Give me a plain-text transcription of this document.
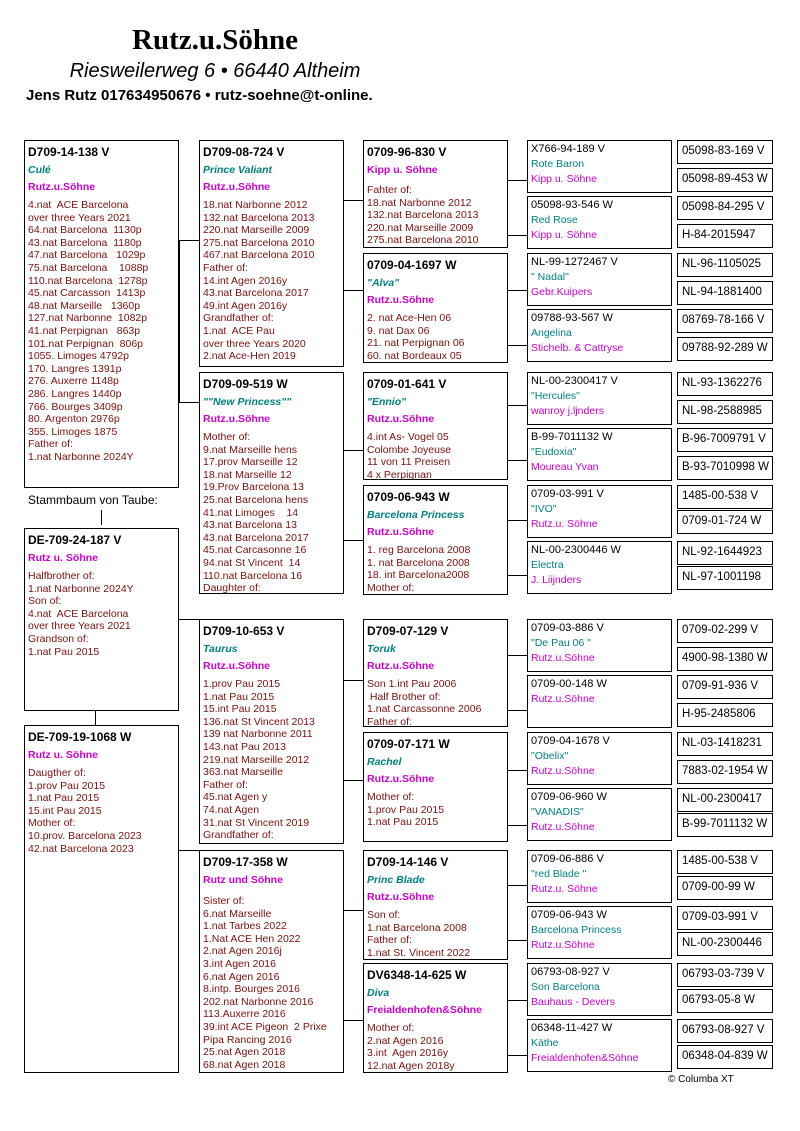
Rutz.u.Söhne
Riesweilerweg 6 • 66440 Altheim
Jens Rutz 017634950676 • rutz-soehne@t-online.
D709-14-138 V
Culé
Rutz.u.Söhne
4.nat  ACE Barcelona
over three Years 2021
64.nat Barcelona  1130p
43.nat Barcelona  1180p
47.nat Barcelona   1029p
75.nat Barcelona    1088p
110.nat Barcelona  1278p
45.nat Carcasson  1413p
48.nat Marseille   1360p
127.nat Narbonne  1082p
41.nat Perpignan   863p
101.nat Perpignan  806p
1055. Limoges 4792p
170. Langres 1391p
276. Auxerre 1148p
286. Langres 1440p
766. Bourges 3409p
80. Argenton 2976p
355. Limoges 1875
Father of:
1.nat Narbonne 2024Y
Stammbaum von Taube:
DE-709-24-187 V
Rutz u. Söhne
Halfbrother of:
1.nat Narbonne 2024Y
Son of:
4.nat  ACE Barcelona
over three Years 2021
Grandson of:
1.nat Pau 2015
DE-709-19-1068 W
Rutz u. Söhne
Daugther of:
1.prov Pau 2015
1.nat Pau 2015
15.int Pau 2015
Mother of:
10.prov. Barcelona 2023
42.nat Barcelona 2023
D709-08-724 V
Prince Valiant
Rutz.u.Söhne
18.nat Narbonne 2012
132.nat Barcelona 2013
220.nat Marseille 2009
275.nat Barcelona 2010
467.nat Barcelona 2010
Father of:
14.int Agen 2016y
43.nat Barcelona 2017
49.int Agen 2016y
Grandfather of:
1.nat  ACE Pau
over three Years 2020
2.nat Ace-Hen 2019
D709-09-519 W
""New Princess""
Rutz.u.Söhne
Mother of:
9.nat Marseille hens
17.prov Marseille 12
18.nat Marseille 12
19.Prov Barcelona 13
25.nat Barcelona hens
41.nat Limoges    14
43.nat Barcelona 13
43.nat Barcelona 2017
45.nat Carcasonne 16
94.nat St Vincent  14
110.nat Barcelona 16
Daughter of:
D709-10-653 V
Taurus
Rutz.u.Söhne
1.prov Pau 2015
1.nat Pau 2015
15.int Pau 2015
136.nat St Vincent 2013
139 nat Narbonne 2011
143.nat Pau 2013
219.nat Marseille 2012
363.nat Marseille
Father of:
45.nat Agen y
74.nat Agen
31.nat St Vincent 2019
Grandfather of:
D709-17-358 W
Rutz und Söhne
Sister of:
6.nat Marseille
1.nat Tarbes 2022
1.Nat ACE Hen 2022
2.nat Agen 2016j
3.int Agen 2016
6.nat Agen 2016
8.intp. Bourges 2016
202.nat Narbonne 2016
113.Auxerre 2016
39.int ACE Pigeon  2 Prixe
Pipa Rancing 2016
25.nat Agen 2018
68.nat Agen 2018
0709-96-830 V
Kipp u. Söhne
Fahter of:
18.nat Narbonne 2012
132.nat Barcelona 2013
220.nat Marseille 2009
275.nat Barcelona 2010
0709-04-1697 W
"Alva"
Rutz.u.Söhne
2. nat Ace-Hen 06
9. nat Dax 06
21. nat Perpignan 06
60. nat Bordeaux 05
0709-01-641 V
"Ennio"
Rutz.u.Söhne
4.int As- Vogel 05
Colombe Joyeuse
11 von 11 Preisen
4 x Perpignan
0709-06-943 W
Barcelona Princess
Rutz.u.Söhne
1. reg Barcelona 2008
1. nat Barcelona 2008
18. int Barcelona2008
Mother of:
D709-07-129 V
Toruk
Rutz.u.Söhne
Son 1.int Pau 2006
Half Brother of:
1.nat Carcassonne 2006
Father of:
0709-07-171 W
Rachel
Rutz.u.Söhne
Mother of:
1.prov Pau 2015
1.nat Pau 2015
D709-14-146 V
Princ Blade
Rutz.u.Söhne
Son of:
1.nat Barcelona 2008
Father of:
1.nat St. Vincent 2022
DV6348-14-625 W
Diva
Freialdenhofen&Söhne
Mother of:
2.nat Agen 2016
3.int  Agen 2016y
12.nat Agen 2018y
X766-94-189 V
Rote Baron
Kipp u. Söhne
05098-93-546 W
Red Rose
Kipp u. Söhne
NL-99-1272467 V
" Nadal"
Gebr.Kuipers
09788-93-567 W
Angelina
Stichelb. & Cattryse
NL-00-2300417 V
"Hercules"
wanroy j.ljnders
B-99-7011132 W
"Eudoxia"
Moureau Yvan
0709-03-991 V
"IVO"
Rutz.u. Söhne
NL-00-2300446 W
Electra
J. Liijnders
0709-03-886 V
"De Pau 06 "
Rutz.u.Söhne
0709-00-148 W
Rutz.u.Söhne
0709-04-1678 V
"Obelix"
Rutz.u.Söhne
0709-06-960 W
"VANADIS"
Rutz.u.Söhne
0709-06-886 V
"red Blade "
Rutz.u. Söhne
0709-06-943 W
Barcelona Princess
Rutz.u.Söhne
06793-08-927 V
Son Barcelona
Bauhaus - Devers
06348-11-427 W
Käthe
Freialdenhofen&Söhne
05098-83-169 V
05098-89-453 W
05098-84-295 V
H-84-2015947
NL-96-1105025
NL-94-1881400
08769-78-166 V
09788-92-289 W
NL-93-1362276
NL-98-2588985
B-96-7009791 V
B-93-7010998 W
1485-00-538 V
0709-01-724 W
NL-92-1644923
NL-97-1001198
0709-02-299 V
4900-98-1380 W
0709-91-936 V
H-95-2485806
NL-03-1418231
7883-02-1954 W
NL-00-2300417
B-99-7011132 W
1485-00-538 V
0709-00-99 W
0709-03-991 V
NL-00-2300446
06793-03-739 V
06793-05-8 W
06793-08-927 V
06348-04-839 W
© Columba XT
